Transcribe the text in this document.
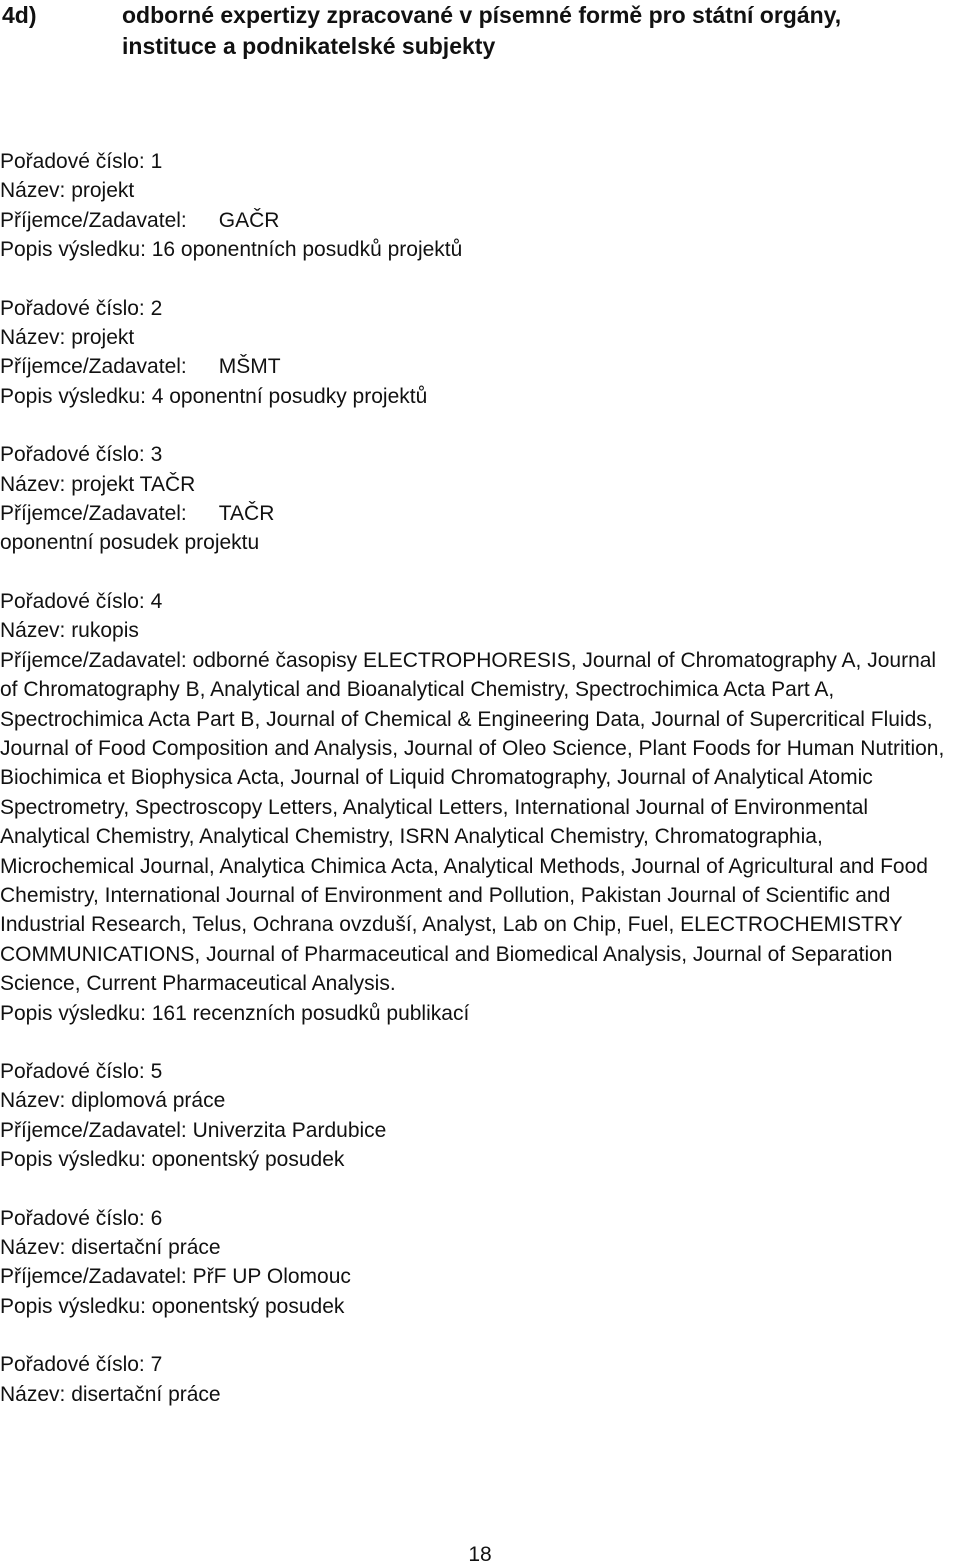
4d)	odborné expertizy zpracované v písemné formě pro státní orgány, instituce a podnikatelské subjekty
Pořadové číslo: 1
Název: projekt
Příjemce/Zadavatel: GAČR
Popis výsledku: 16 oponentních posudků projektů
Pořadové číslo: 2
Název: projekt
Příjemce/Zadavatel: MŠMT
Popis výsledku: 4 oponentní posudky projektů
Pořadové číslo: 3
Název: projekt TAČR
Příjemce/Zadavatel: TAČR
oponentní posudek projektu
Pořadové číslo: 4
Název: rukopis
Příjemce/Zadavatel: odborné časopisy ELECTROPHORESIS, Journal of Chromatography A, Journal of Chromatography B, Analytical and Bioanalytical Chemistry, Spectrochimica Acta Part A, Spectrochimica Acta Part B, Journal of Chemical & Engineering Data, Journal of Supercritical Fluids, Journal of Food Composition and Analysis, Journal of Oleo Science, Plant Foods for Human Nutrition, Biochimica et Biophysica Acta, Journal of Liquid Chromatography, Journal of Analytical Atomic Spectrometry, Spectroscopy Letters, Analytical Letters, International Journal of Environmental Analytical Chemistry, Analytical Chemistry, ISRN Analytical Chemistry, Chromatographia, Microchemical Journal, Analytica Chimica Acta, Analytical Methods, Journal of Agricultural and Food Chemistry, International Journal of Environment and Pollution, Pakistan Journal of Scientific and Industrial Research, Telus, Ochrana ovzduší, Analyst, Lab on Chip, Fuel, ELECTROCHEMISTRY COMMUNICATIONS, Journal of Pharmaceutical and Biomedical Analysis, Journal of Separation Science, Current Pharmaceutical Analysis.
Popis výsledku: 161 recenzních posudků publikací
Pořadové číslo: 5
Název: diplomová práce
Příjemce/Zadavatel: Univerzita Pardubice
Popis výsledku: oponentský posudek
Pořadové číslo: 6
Název: disertační práce
Příjemce/Zadavatel: PřF UP Olomouc
Popis výsledku: oponentský posudek
Pořadové číslo: 7
Název: disertační práce
18
